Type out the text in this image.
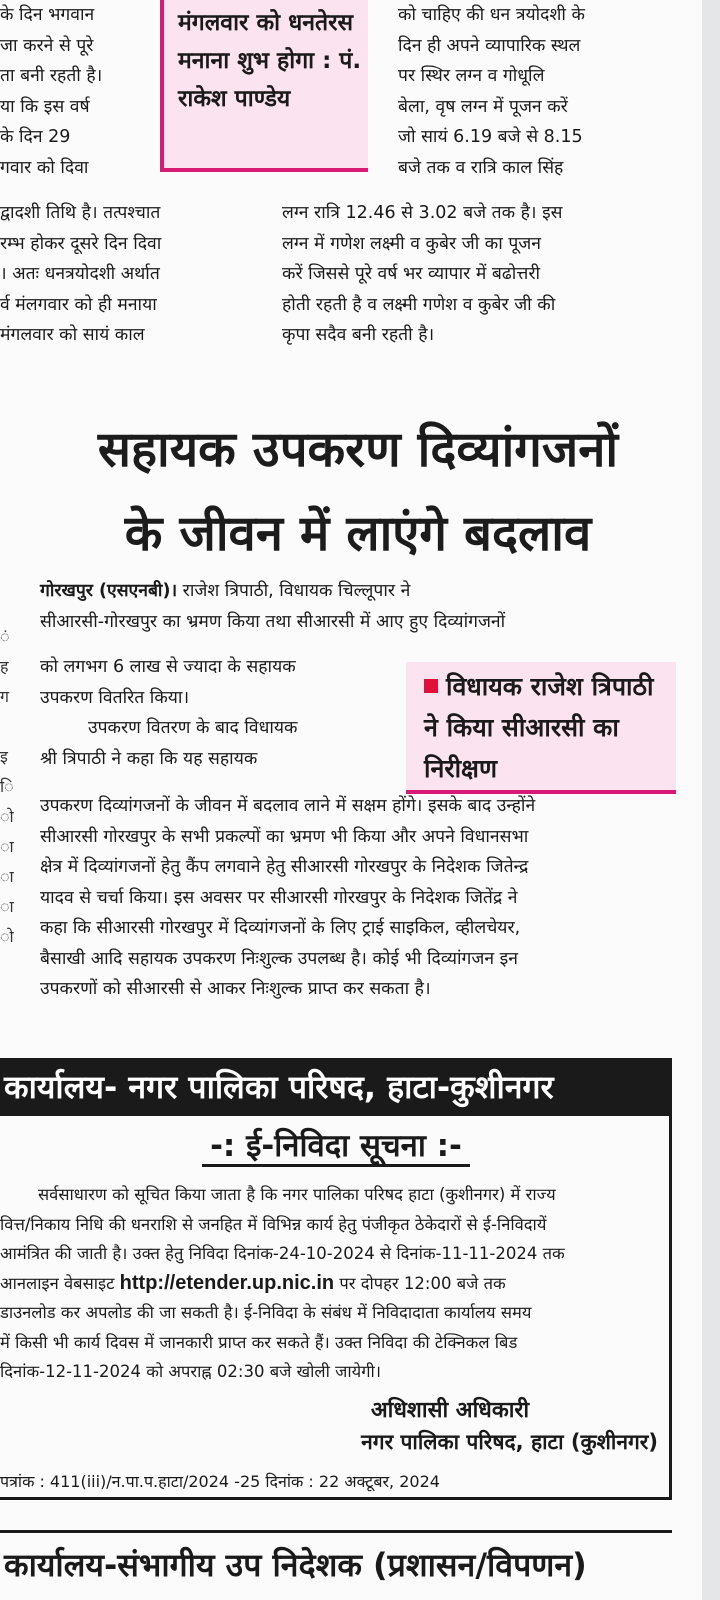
के दिन भगवान

जा करने से पूरे

ता बनी रहती है।

या कि इस वर्ष

के दिन 29

गवार को दिवा

मंगलवार को धनतेरस मनाना शुभ होगा : पं. राकेश पाण्डेय

को चाहिए की धन त्रयोदशी के

दिन ही अपने व्यापारिक स्थल

पर स्थिर लग्न व गोधूलि

बेला, वृष लग्न में पूजन करें

जो सायं 6.19 बजे से 8.15

बजे तक व रात्रि काल सिंह

द्वादशी तिथि है। तत्पश्चात

रम्भ होकर दूसरे दिन दिवा

। अतः धनत्रयोदशी अर्थात

र्व मंलगवार को ही मनाया

मंगलवार को सायं काल

लग्न रात्रि 12.46 से 3.02 बजे तक है। इस

लग्न में गणेश लक्ष्मी व कुबेर जी का पूजन

करें जिससे पूरे वर्ष भर व्यापार में बढोत्तरी

होती रहती है व लक्ष्मी गणेश व कुबेर जी की

कृपा सदैव बनी रहती है।

सहायक उपकरण दिव्यांगजनों
के जीवन में लाएंगे बदलाव
ं
ह
ग

इ
ि
ो
ा
ा
ा
ो

गोरखपुर (एसएनबी)। राजेश त्रिपाठी, विधायक चिल्लूपार ने

सीआरसी-गोरखपुर का भ्रमण किया तथा सीआरसी में आए हुए दिव्यांगजनों

को लगभग 6 लाख से ज्यादा के सहायक

उपकरण वितरित किया।

उपकरण वितरण के बाद विधायक

श्री त्रिपाठी ने कहा कि यह सहायक

विधायक राजेश त्रिपाठी ने किया सीआरसी का निरीक्षण

उपकरण दिव्यांगजनों के जीवन में बदलाव लाने में सक्षम होंगे। इसके बाद उन्होंने

सीआरसी गोरखपुर के सभी प्रकल्पों का भ्रमण भी किया और अपने विधानसभा

क्षेत्र में दिव्यांगजनों हेतु कैंप लगवाने हेतु सीआरसी गोरखपुर के निदेशक जितेन्द्र

यादव से चर्चा किया। इस अवसर पर सीआरसी गोरखपुर के निदेशक जितेंद्र ने

कहा कि सीआरसी गोरखपुर में दिव्यांगजनों के लिए ट्राई साइकिल, व्हीलचेयर,

बैसाखी आदि सहायक उपकरण निःशुल्क उपलब्ध है। कोई भी दिव्यांगजन इन

उपकरणों को सीआरसी से आकर निःशुल्क प्राप्त कर सकता है।

कार्यालय- नगर पालिका परिषद, हाटा-कुशीनगर
-: ई-निविदा सूचना :-

सर्वसाधारण को सूचित किया जाता है कि नगर पालिका परिषद हाटा (कुशीनगर) में राज्य

वित्त/निकाय निधि की धनराशि से जनहित में विभिन्न कार्य हेतु पंजीकृत ठेकेदारों से ई-निविदायें

आमंत्रित की जाती है। उक्त हेतु निविदा दिनांक-24-10-2024 से दिनांक-11-11-2024 तक

आनलाइन वेबसाइट http://etender.up.nic.in पर दोपहर 12:00 बजे तक

डाउनलोड कर अपलोड की जा सकती है। ई-निविदा के संबंध में निविदादाता कार्यालय समय

में किसी भी कार्य दिवस में जानकारी प्राप्त कर सकते हैं। उक्त निविदा की टेक्निकल बिड

दिनांक-12-11-2024 को अपराह्न 02:30 बजे खोली जायेगी।

अधिशासी अधिकारी
नगर पालिका परिषद, हाटा (कुशीनगर)
पत्रांक : 411(iii)/न.पा.प.हाटा/2024 -25 दिनांक : 22 अक्टूबर, 2024
कार्यालय-संभागीय उप निदेशक (प्रशासन/विपणन)
